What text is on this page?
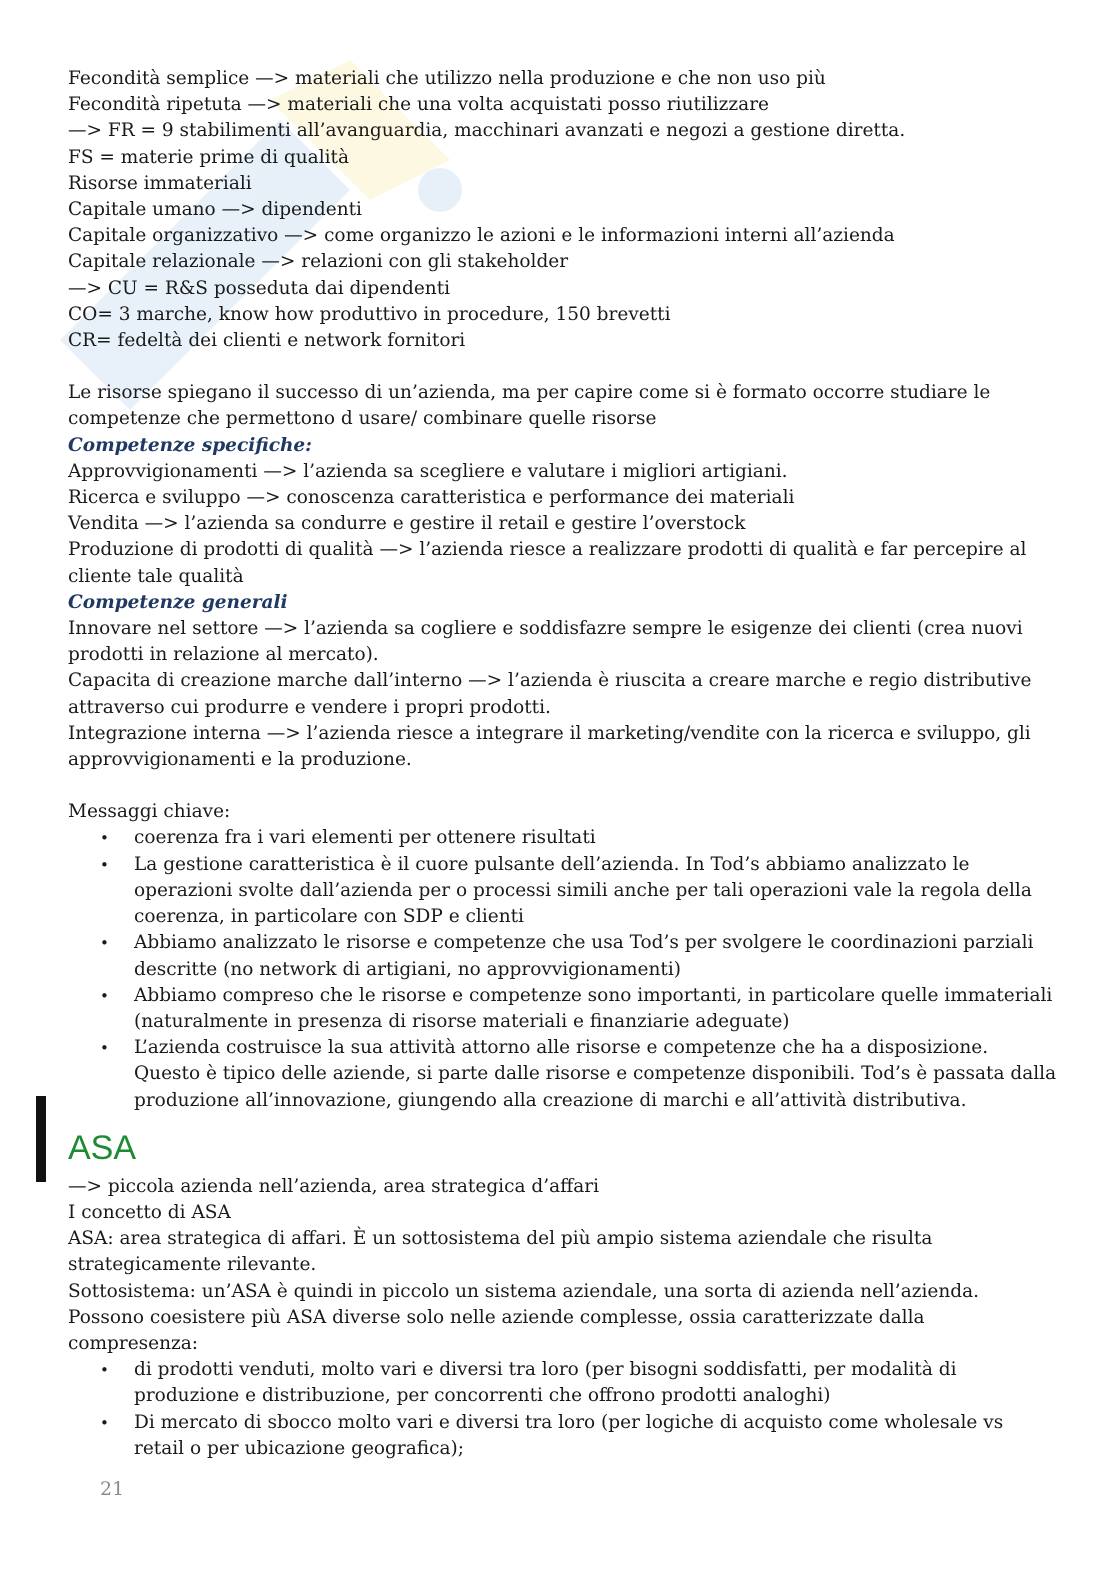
Fecondità semplice —> materiali che utilizzo nella produzione e che non uso più

Fecondità ripetuta —> materiali che una volta acquistati posso riutilizzare

—> FR = 9 stabilimenti all’avanguardia, macchinari avanzati e negozi a gestione diretta.

FS = materie prime di qualità

Risorse immateriali

Capitale umano —> dipendenti

Capitale organizzativo —> come organizzo le azioni e le informazioni interni all’azienda

Capitale relazionale —> relazioni con gli stakeholder

—> CU = R&S posseduta dai dipendenti

CO= 3 marche, know how produttivo in procedure, 150 brevetti

CR= fedeltà dei clienti e network fornitori

Le risorse spiegano il successo di un’azienda, ma per capire come si è formato occorre studiare le competenze che permettono d usare/ combinare quelle risorse

Competenze specifiche:

Approvvigionamenti —> l’azienda sa scegliere e valutare i migliori artigiani.

Ricerca e sviluppo —> conoscenza caratteristica e performance dei materiali

Vendita —> l’azienda sa condurre e gestire il retail e gestire l’overstock

Produzione di prodotti di qualità —> l’azienda riesce a realizzare prodotti di qualità e far percepire al cliente tale qualità

Competenze generali

Innovare nel settore —> l’azienda sa cogliere e soddisfazre sempre le esigenze dei clienti (crea nuovi prodotti in relazione al mercato).

Capacita di creazione marche dall’interno —> l’azienda è riuscita a creare marche e regio distributive attraverso cui produrre e vendere i propri prodotti.

Integrazione interna —> l’azienda riesce a integrare il marketing/vendite con la ricerca e sviluppo, gli approvvigionamenti e la produzione.

Messaggi chiave:

• coerenza fra i vari elementi per ottenere risultati
• La gestione caratteristica è il cuore pulsante dell’azienda. In Tod’s abbiamo analizzato le operazioni svolte dall’azienda per o processi simili anche per tali operazioni vale la regola della coerenza, in particolare con SDP e clienti
• Abbiamo analizzato le risorse e competenze che usa Tod’s per svolgere le coordinazioni parziali descritte (no network di artigiani, no approvvigionamenti)
• Abbiamo compreso che le risorse e competenze sono importanti, in particolare quelle immateriali (naturalmente in presenza di risorse materiali e finanziarie adeguate)
• L’azienda costruisce la sua attività attorno alle risorse e competenze che ha a disposizione. Questo è tipico delle aziende, si parte dalle risorse e competenze disponibili. Tod’s è passata dalla produzione all’innovazione, giungendo alla creazione di marchi e all’attività distributiva.
ASA

—> piccola azienda nell’azienda, area strategica d’affari

I concetto di ASA

ASA: area strategica di affari. È un sottosistema del più ampio sistema aziendale che risulta strategicamente rilevante.

Sottosistema: un’ASA è quindi in piccolo un sistema aziendale, una sorta di azienda nell’azienda.

Possono coesistere più ASA diverse solo nelle aziende complesse, ossia caratterizzate dalla compresenza:

• di prodotti venduti, molto vari e diversi tra loro (per bisogni soddisfatti, per modalità di produzione e distribuzione, per concorrenti che offrono prodotti analoghi)
• Di mercato di sbocco molto vari e diversi tra loro (per logiche di acquisto come wholesale vs retail o per ubicazione geografica);
21
